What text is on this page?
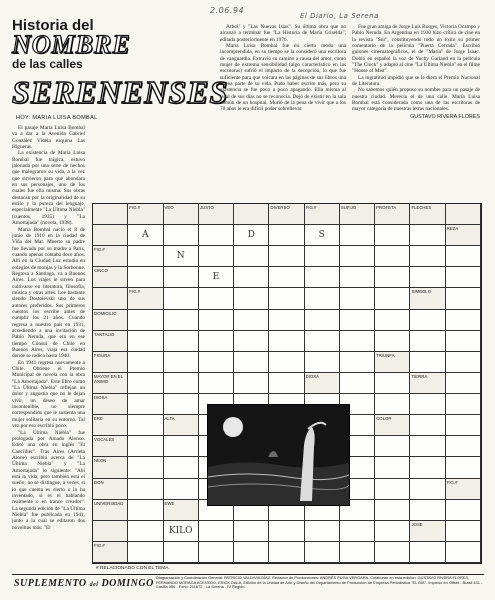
2.06.94
El Diario, La Serena
Historia del
NOMBRE
de las calles
SERENENSES
HOY: MARIA LUISA BOMBAL

El pasaje María Luisa Bombal va a dar a la Avenida Gabriel González Videla esquina Las Higueras.

La existencia de María Luisa Bombal fue trágica, estuvo jalonada por una serie de hechos que malograron su vida, a la vez que sirvieron para que ahondara en sus personajes, uno de los cuales fue ella misma. Sus obras destacan por la originalidad de su estilo y la pureza del lenguaje, especialmente "La Última Niebla" (cuentos, 1935) y "La Amortajada" (novela, 1938).

María Bombal nació el 8 de junio de 1910 en la ciudad de Viña del Mar. Muerto su padre fue llevada por su madre a París, cuando apenas contaba doce años. Allí en la Ciudad Luz estudia en colegios de monjas y la Sorbonne. Regresa a Santiago, va a Buenos Aires. Los viajes le sirven para cultivarse en literatura, filosofía, música y otras artes. Lee bastante siendo Dostoievski uno de sus autores preferidos. Sus primeros cuentos los escribe antes de cumplir los 21 años. Cuando regresa a nuestro país en 1931, accediendo a una invitación de Pablo Neruda, que era en ese tiempo Cónsul de Chile en Buenos Aires, viaja esa ciudad donde se radica hasta 1940.

En 1941 regresa nuevamente a Chile. Obtiene el Premio Municipal de novela con la obra "La Amortajada". Este libro como "La Última Niebla" reflejan un dolor y angustia que no le dejan vivir, un deseo de amar incontenible, no siempre correspondido que le sustenta una mujer solitaria en su entorno. Tal vez por eso escribió poco.

"La Última Niebla" fue prologada por Amado Alonso. Editó una obra en inglés "El Cancillier". Tras Aires (Arrieta Alone) escribió acerca de "La Última Niebla" y "La Amortajada" lo siguiente: "Ahí está la vida; pero también está el sueño; no se distingue, a veces, si lo que cuenta es cierto o lo ha inventado, si es el hablando realmente o en trance creador". La segunda edición de "La Última Niebla" fue publicada en 1941, junto a la cual se editaron dos novelitas más: "El

Árbol" y "Las Nuevas Islas". Su última obra que no alcanzó a terminar fue "La Historia de María Griselda", editada posteriormente en 1976.

María Luisa Bombal fue en cierto modo una incomprendida, en su tiempo se la consideró una escritora de vanguardia. Extravió su camino a causa del amor, como mujer de extrema sensibilidad (algo característico en las escritoras) sufrió el impacto de la decepción, lo que fue suficiente para que volcara en las páginas de sus libros una buena parte de su vida. Pudo haber escrito más, pero su existencia se fue poco a poco apagando. Ella misma al final de sus días no se reconocía. Dejó de existir en la sala común de un hospital. Murió de la pena de vivir que a los 70 años le era difícil poder sobrellevar.

Fue gran amiga de Jorge Luis Borges, Victoria Ocampo y Pablo Neruda. En Argentina en 1930 hizo crítica de cine en la revista "Sur", constituyendo todo un éxito su primer comentario de la película "Puerta Cerrada". Escribió guiones cinematográficos, el de "María" de Jorge Isaac. Dobló en español la voz de Yuchy Garland en la película "The Clock" y adaptó al cine "La Última Niebla" en el filme "House of Mist".

La ingratitud impidió que se le diera el Premio Nacional de Literatura.

No sabemos quién propuso su nombre para un pasaje de nuestra ciudad. Merecía el de una calle. María Luisa Bombal está considerada como una de las escritoras de mayor categoría de nuestras letras nacionales.

GUSTAVO RIVERA FLORES
FIG.#	VEO	JUSTO	DIVERSO	FIG.#	SUFIJO	PROFETA	FLECHES
A	D	S
REZA
FIG.#
N
CINCO
E
FIG.#	SIMBOLO
DOMICILIO
TANTALIO
FIGURA	TRIUNFA
MAYOR EN EL ANIMO
DIOSA	TIERRA
DIOSA
ERE	ALTA	COLOR
VOCALES
NEON
DON	FIG.#
UNIVERSIDAD	EWE
KILO
JOSE
FIG.#
# RELACIONADO CON EL TEMA.
SUPLEMENTO del DOMINGO
Diagramación y Coordinación General: PATRICIO VALDIVIA DÍAZ. Redactor de Producciones: ANDRÉS PUGA VERGARA. Colaboran en esta edición: GUSTAVO RIVERA FLORES, FERNANDO MORAGA ACEVEDO, ERICK DALA, Edición de la Unidad de Arte y Diseño del Departamento de Producción de Empresa Periodística "EL DÍA". Impreso en Offset - Brasil 431 - Casilla 556 - Fono: 211672 - La Serena - IV Región.
